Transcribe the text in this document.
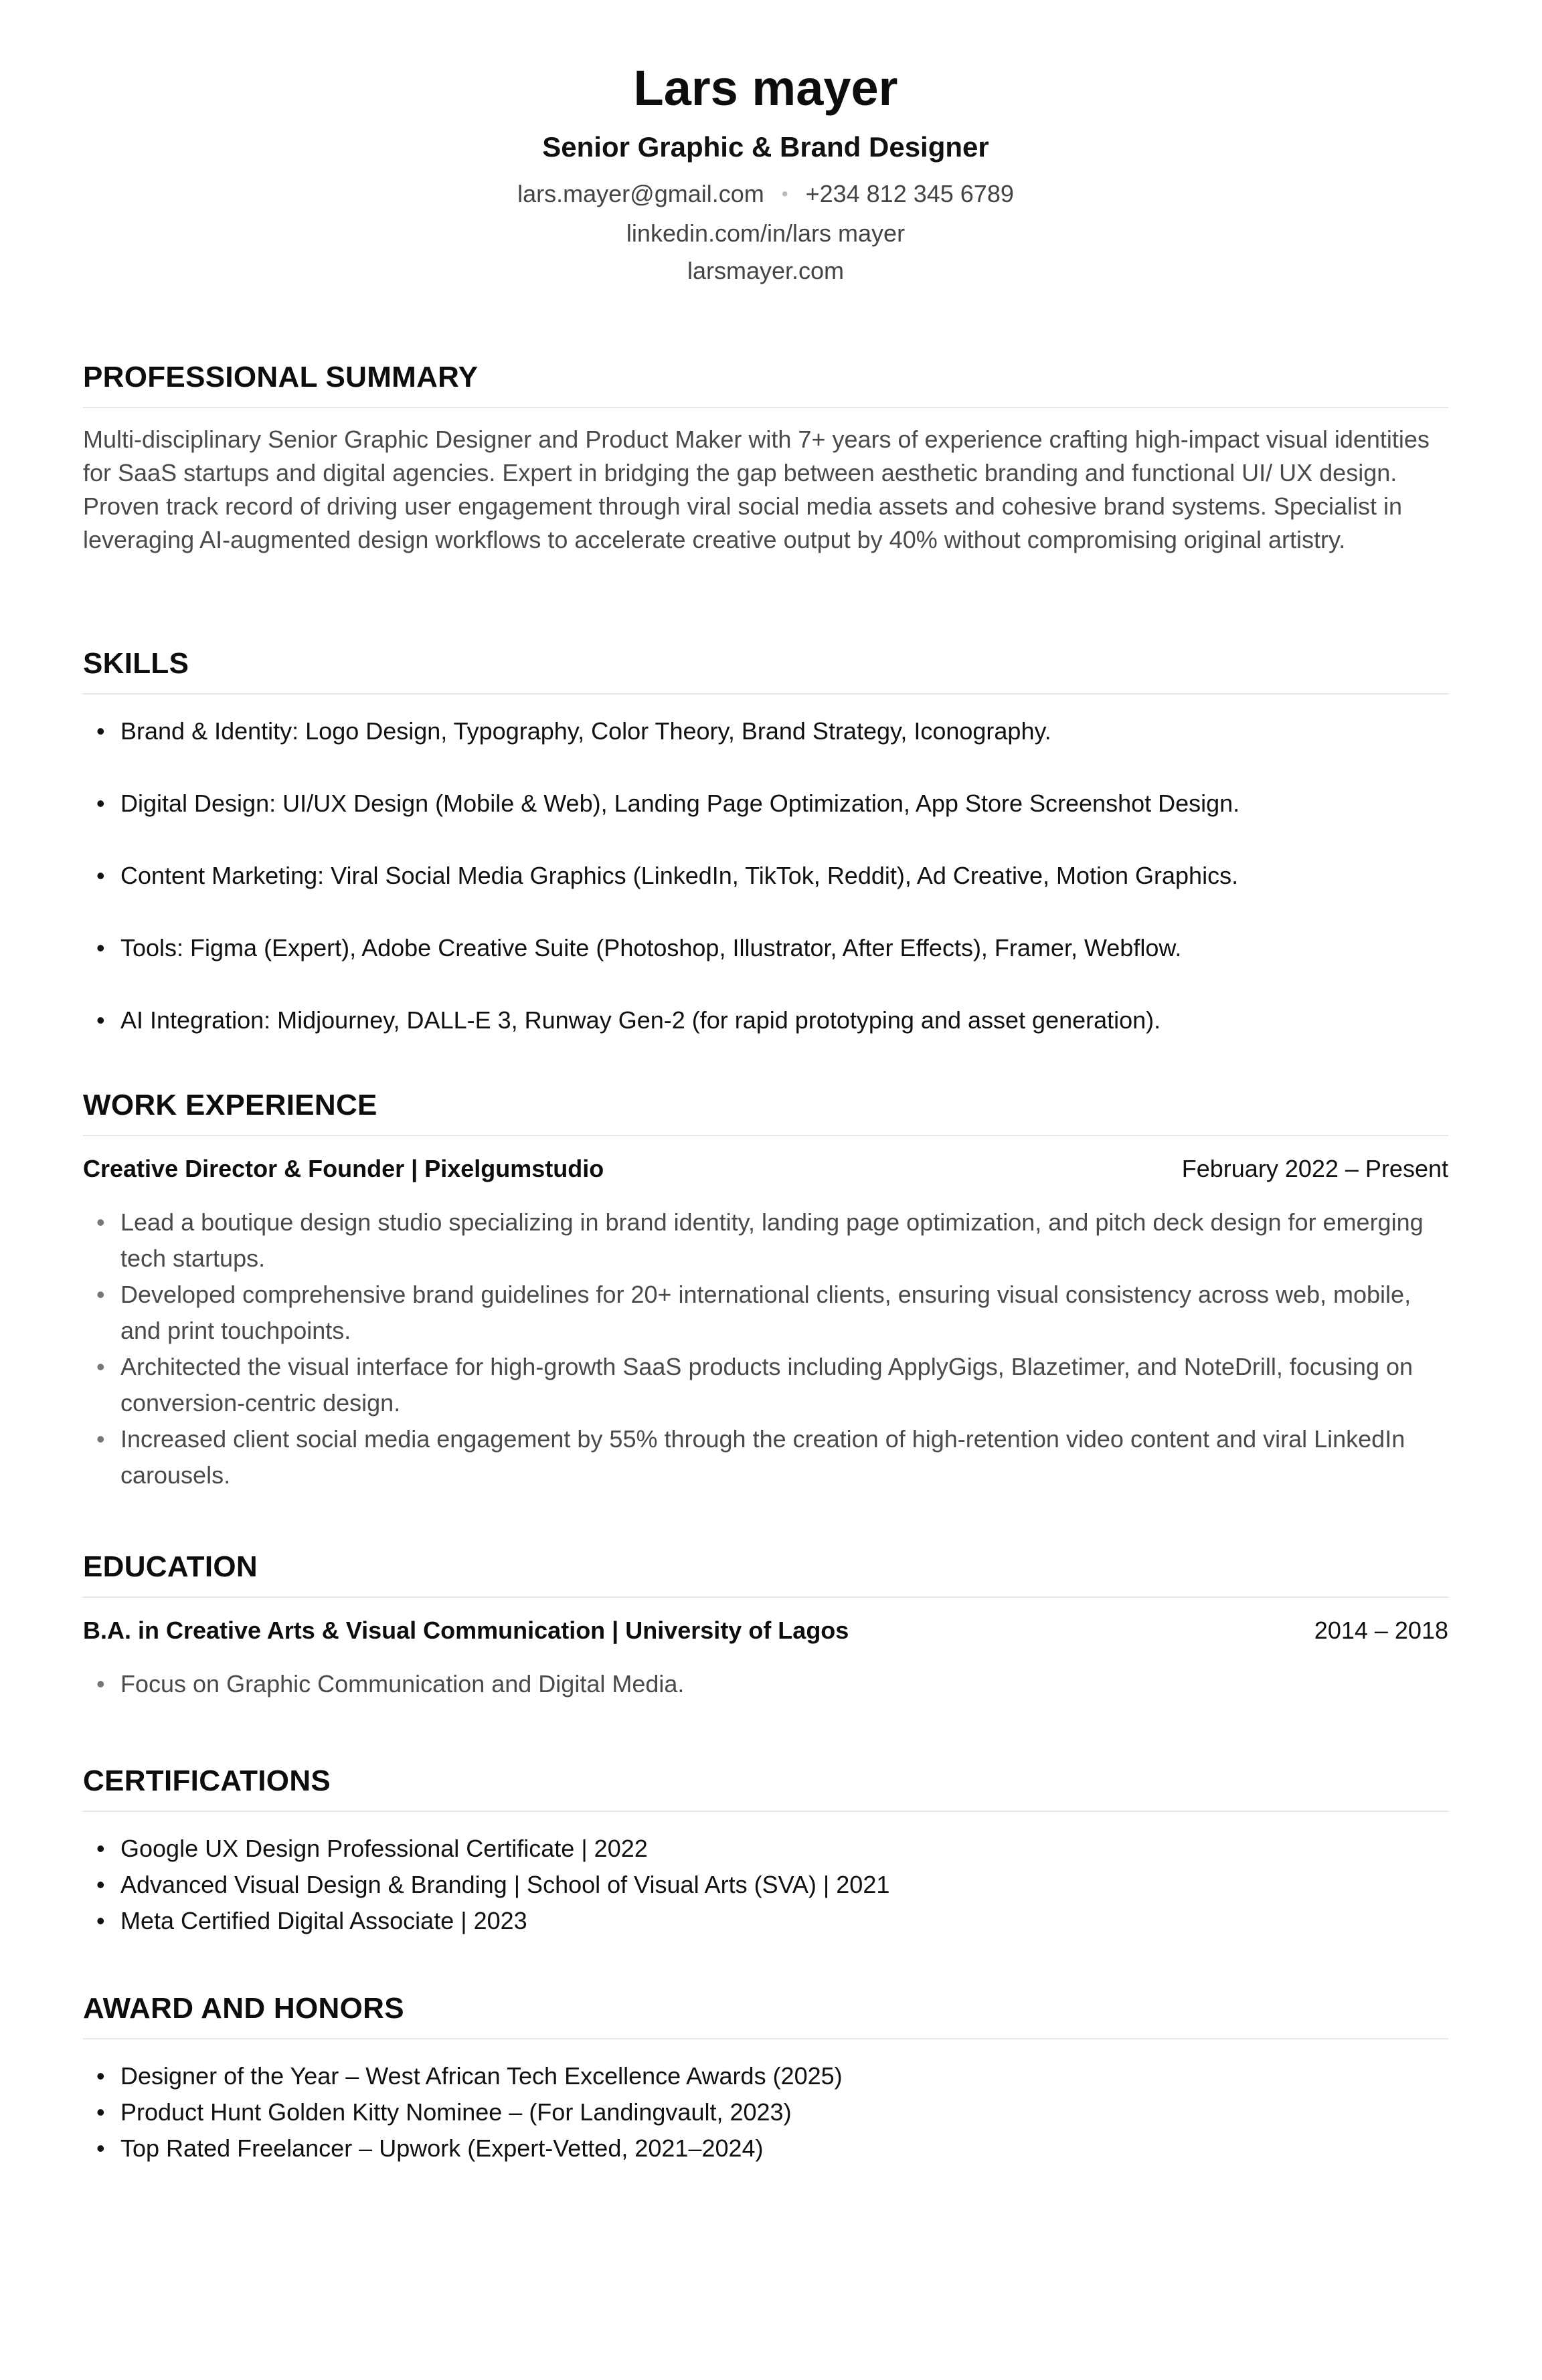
Lars mayer
Senior Graphic & Brand Designer
lars.mayer@gmail.com • +234 812 345 6789
linkedin.com/in/lars mayer
larsmayer.com
PROFESSIONAL SUMMARY
Multi-disciplinary Senior Graphic Designer and Product Maker with 7+ years of experience crafting high-impact visual identities for SaaS startups and digital agencies. Expert in bridging the gap between aesthetic branding and functional UI/ UX design. Proven track record of driving user engagement through viral social media assets and cohesive brand systems. Specialist in leveraging AI-augmented design workflows to accelerate creative output by 40% without compromising original artistry.
SKILLS
• Brand & Identity: Logo Design, Typography, Color Theory, Brand Strategy, Iconography.
• Digital Design: UI/UX Design (Mobile & Web), Landing Page Optimization, App Store Screenshot Design.
• Content Marketing: Viral Social Media Graphics (LinkedIn, TikTok, Reddit), Ad Creative, Motion Graphics.
• Tools: Figma (Expert), Adobe Creative Suite (Photoshop, Illustrator, After Effects), Framer, Webflow.
• AI Integration: Midjourney, DALL-E 3, Runway Gen-2 (for rapid prototyping and asset generation).
WORK EXPERIENCE
Creative Director & Founder | Pixelgumstudio	February 2022 – Present
• Lead a boutique design studio specializing in brand identity, landing page optimization, and pitch deck design for emerging tech startups.
• Developed comprehensive brand guidelines for 20+ international clients, ensuring visual consistency across web, mobile, and print touchpoints.
• Architected the visual interface for high-growth SaaS products including ApplyGigs, Blazetimer, and NoteDrill, focusing on conversion-centric design.
• Increased client social media engagement by 55% through the creation of high-retention video content and viral LinkedIn carousels.
EDUCATION
B.A. in Creative Arts & Visual Communication | University of Lagos	2014 – 2018
• Focus on Graphic Communication and Digital Media.
CERTIFICATIONS
• Google UX Design Professional Certificate | 2022
• Advanced Visual Design & Branding | School of Visual Arts (SVA) | 2021
• Meta Certified Digital Associate | 2023
AWARD AND HONORS
• Designer of the Year – West African Tech Excellence Awards (2025)
• Product Hunt Golden Kitty Nominee – (For Landingvault, 2023)
• Top Rated Freelancer – Upwork (Expert-Vetted, 2021–2024)
